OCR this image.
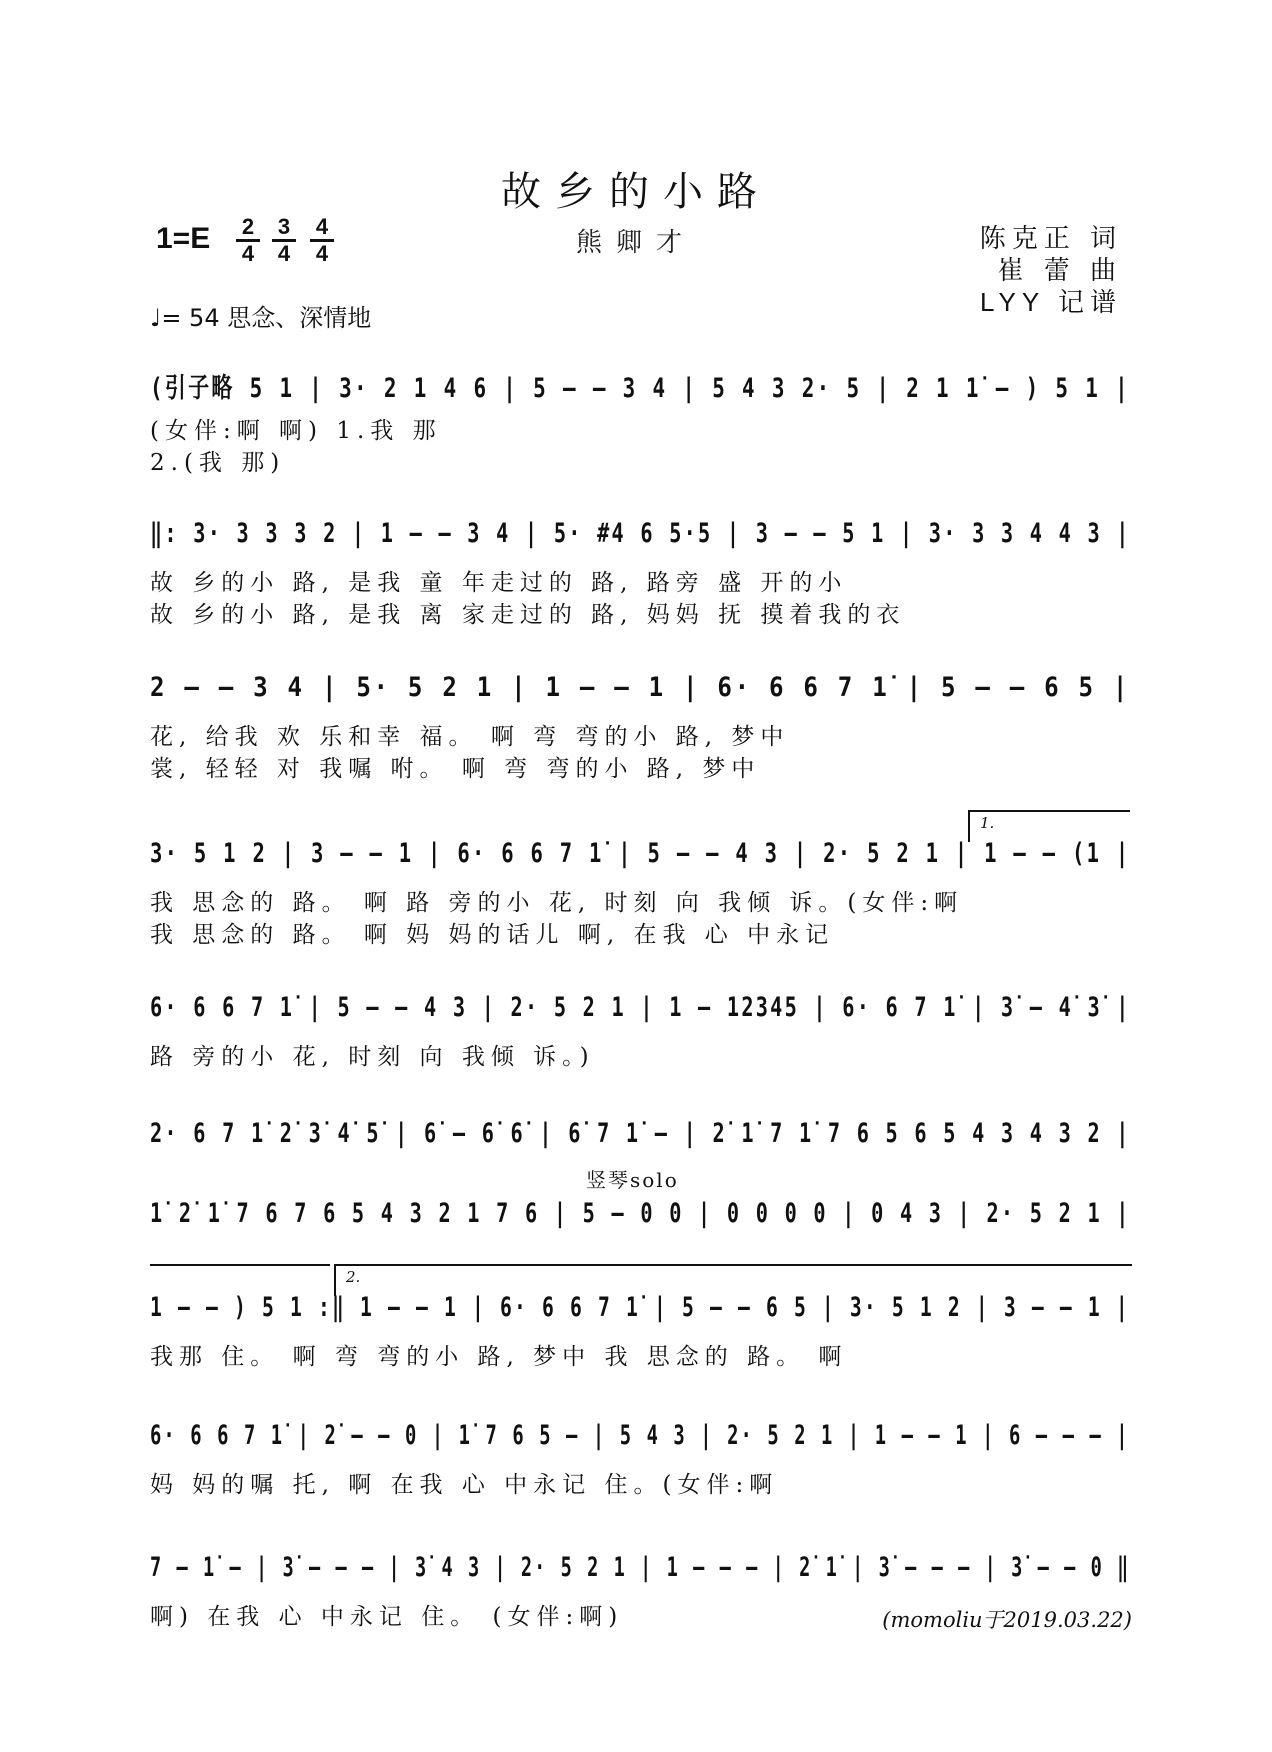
故乡的小路
熊卿才
1=E 2
4
3
4
4
4	陈克正 词
崔 蕾 曲
LYY 记谱
♩= 54 思念、深情地
(引子略 5 1 | 3· 2 1 4 6 | 5 – – 3 4 | 5 4 3 2· 5 | 2 1 1̇ – ) 5 1 |
(女伴:啊 啊) 1.我 那
2.(我 那)
‖: 3· 3 3 3 2 | 1 – – 3 4 | 5· #4 6 5·5 | 3 – – 5 1 | 3· 3 3 4 4 3 |
故 乡的小 路, 是我 童 年走过的 路, 路旁 盛 开的小
故 乡的小 路, 是我 离 家走过的 路, 妈妈 抚 摸着我的衣
2 – – 3 4 | 5· 5 2 1 | 1 – – 1 | 6· 6 6 7 1̇ | 5 – – 6 5 |
花, 给我 欢 乐和幸 福。 啊 弯 弯的小 路, 梦中
裳, 轻轻 对 我嘱 咐。 啊 弯 弯的小 路, 梦中
1.
3· 5 1 2 | 3 – – 1 | 6· 6 6 7 1̇ | 5 – – 4 3 | 2· 5 2 1 | 1 – – (1 |
我 思念的 路。 啊 路 旁的小 花, 时刻 向 我倾 诉。(女伴:啊
我 思念的 路。 啊 妈 妈的话儿 啊, 在我 心 中永记
6· 6 6 7 1̇ | 5 – – 4 3 | 2· 5 2 1 | 1 – 12345 | 6· 6 7 1̇ | 3̇ – 4̇ 3̇ |
路 旁的小 花, 时刻 向 我倾 诉。)
2· 6 7 1̇ 2̇ 3̇ 4̇ 5̇ | 6̇ – 6̇ 6̇ | 6̇ 7 1̇ – | 2̇ 1̇ 7 1̇ 7 6 5 6 5 4 3 4 3 2 |
竖琴solo
1̇ 2̇ 1̇ 7 6 7 6 5 4 3 2 1 7 6 | 5 – 0 0 | 0 0 0 0 | 0 4 3 | 2· 5 2 1 |
2.
1 – – ) 5 1 :‖ 1 – – 1 | 6· 6 6 7 1̇ | 5 – – 6 5 | 3· 5 1 2 | 3 – – 1 |
我那 住。 啊 弯 弯的小 路, 梦中 我 思念的 路。 啊
6· 6 6 7 1̇ | 2̇ – – 0 | 1̇ 7 6 5 – | 5 4 3 | 2· 5 2 1 | 1 – – 1 | 6 – – – |
妈 妈的嘱 托, 啊 在我 心 中永记 住。(女伴:啊
7 – 1̇ – | 3̇ – – – | 3̇ 4 3 | 2· 5 2 1 | 1 – – – | 2̇ 1̇ | 3̇ – – – | 3̇ – – 0 ‖
啊) 在我 心 中永记 住。 (女伴:啊)	(momoliu于2019.03.22)
